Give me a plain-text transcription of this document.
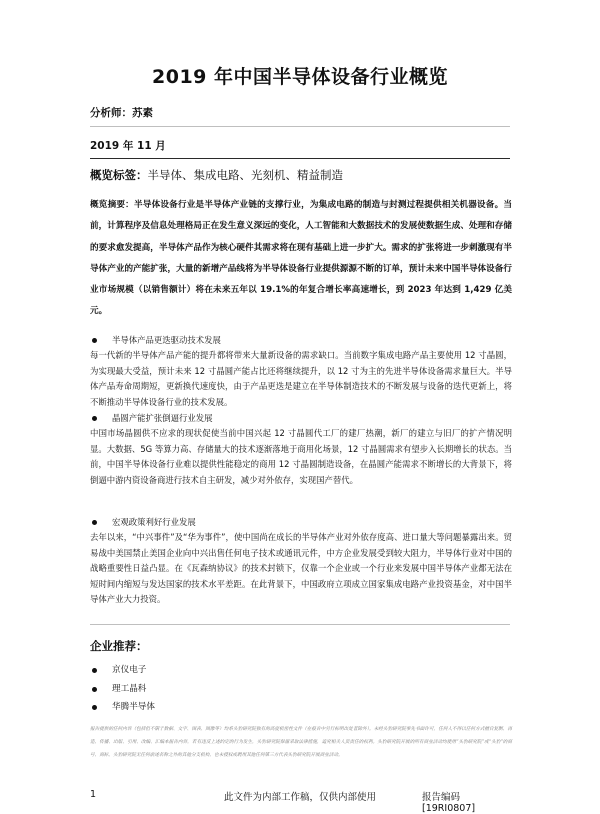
2019 年中国半导体设备行业概览
分析师：苏素
2019 年 11 月
概览标签：半导体、集成电路、光刻机、精益制造
概览摘要：半导体设备行业是半导体产业链的支撑行业，为集成电路的制造与封测过程提供相关机器设备。当前，计算程序及信息处理格局正在发生意义深远的变化，人工智能和大数据技术的发展使数据生成、处理和存储的要求愈发提高，半导体产品作为核心硬件其需求将在现有基础上进一步扩大。需求的扩张将进一步刺激现有半导体产业的产能扩张，大量的新增产品线将为半导体设备行业提供源源不断的订单，预计未来中国半导体设备行业市场规模（以销售额计）将在未来五年以 19.1%的年复合增长率高速增长，到 2023 年达到 1,429 亿美元。
半导体产品更迭驱动技术发展
每一代新的半导体产品产能的提升都将带来大量新设备的需求缺口。当前数字集成电路产品主要使用 12 寸晶圆，为实现最大受益，预计未来 12 寸晶圆产能占比还将继续提升，以 12 寸为主的先进半导体设备需求量巨大。半导体产品寿命周期短，更新换代速度快，由于产品更迭是建立在半导体制造技术的不断发展与设备的迭代更新上，将不断推动半导体设备行业的技术发展。
晶圆产能扩张倒逼行业发展
中国市场晶圆供不应求的现状促使当前中国兴起 12 寸晶圆代工厂的建厂热潮，新厂的建立与旧厂的扩产情况明显。大数据、5G 等算力高、存储量大的技术逐渐落地于商用化场景，12 寸晶圆需求有望步入长期增长的状态。当前，中国半导体设备行业难以提供性能稳定的商用 12 寸晶圆制造设备，在晶圆产能需求不断增长的大背景下，将倒逼中游内资设备商进行技术自主研发，减少对外依存，实现国产替代。
宏观政策利好行业发展
去年以来，“中兴事件”及“华为事件”，使中国尚在成长的半导体产业对外依存度高、进口量大等问题暴露出来。贸易战中美国禁止美国企业向中兴出售任何电子技术或通讯元件，中方企业发展受到较大阻力，半导体行业对中国的战略重要性日益凸显。在《瓦森纳协议》的技术封锁下，仅靠一个企业或一个行业来发展中国半导体产业都无法在短时间内缩短与发达国家的技术水平差距。在此背景下，中国政府立项成立国家集成电路产业投资基金，对中国半导体产业大力投资。
企业推荐：
京仪电子
理工晶科
华腾半导体
报告提供的任何内容（包括但不限于数据、文字、图表、图像等）均系头豹研究院独有的高度机密性文件（在报告中另行标明出处者除外）。未经头豹研究院事先书面许可，任何人不得以任何方式擅自复制、再造、传播、出版、引用、改编、汇编本报告内容，若有违反上述约定的行为发生，头豹研究院保留采取法律措施，追究相关人员责任的权利。头豹研究院开展的所有商业活动均使用“头豹研究院”或“头豹”的商号、商标，头豹研究院无任何前述名称之外的其他分支机构，也未授权或聘用其他任何第三方代表头豹研究院开展商业活动。
1	此文件为内部工作稿，仅供内部使用	报告编码[19RI0807]
